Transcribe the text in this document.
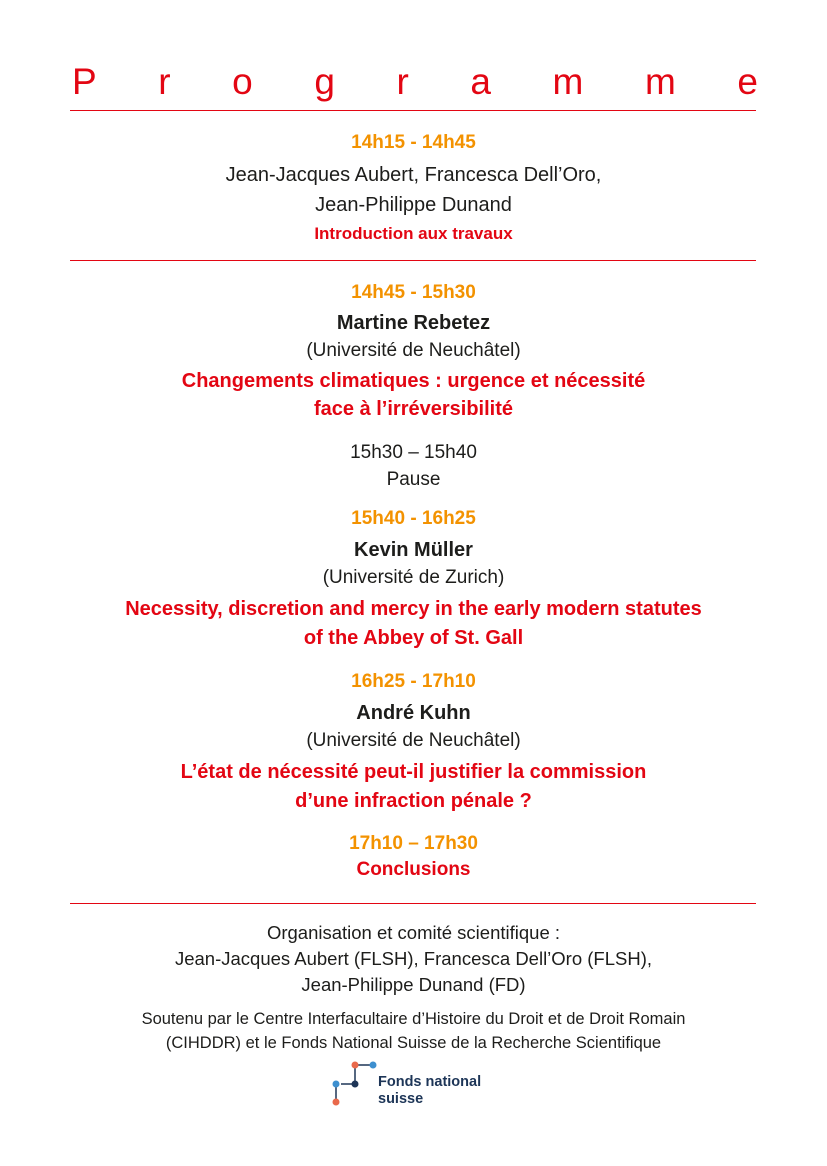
P r o g r a m m e
14h15 - 14h45
Jean-Jacques Aubert, Francesca Dell’Oro,
Jean-Philippe Dunand
Introduction aux travaux
14h45 - 15h30
Martine Rebetez
(Université de Neuchâtel)
Changements climatiques : urgence et nécessité
face à l’irréversibilité
15h30 – 15h40
Pause
15h40 - 16h25
Kevin Müller
(Université de Zurich)
Necessity, discretion and mercy in the early modern statutes
of the Abbey of St. Gall
16h25 - 17h10
André Kuhn
(Université de Neuchâtel)
L’état de nécessité peut-il justifier la commission
d’une infraction pénale ?
17h10 – 17h30
Conclusions
Organisation et comité scientifique :
Jean-Jacques Aubert (FLSH), Francesca Dell’Oro (FLSH),
Jean-Philippe Dunand (FD)
Soutenu par le Centre Interfacultaire d’Histoire du Droit et de Droit Romain
(CIHDDR) et le Fonds National Suisse de la Recherche Scientifique
Fonds national
suisse
